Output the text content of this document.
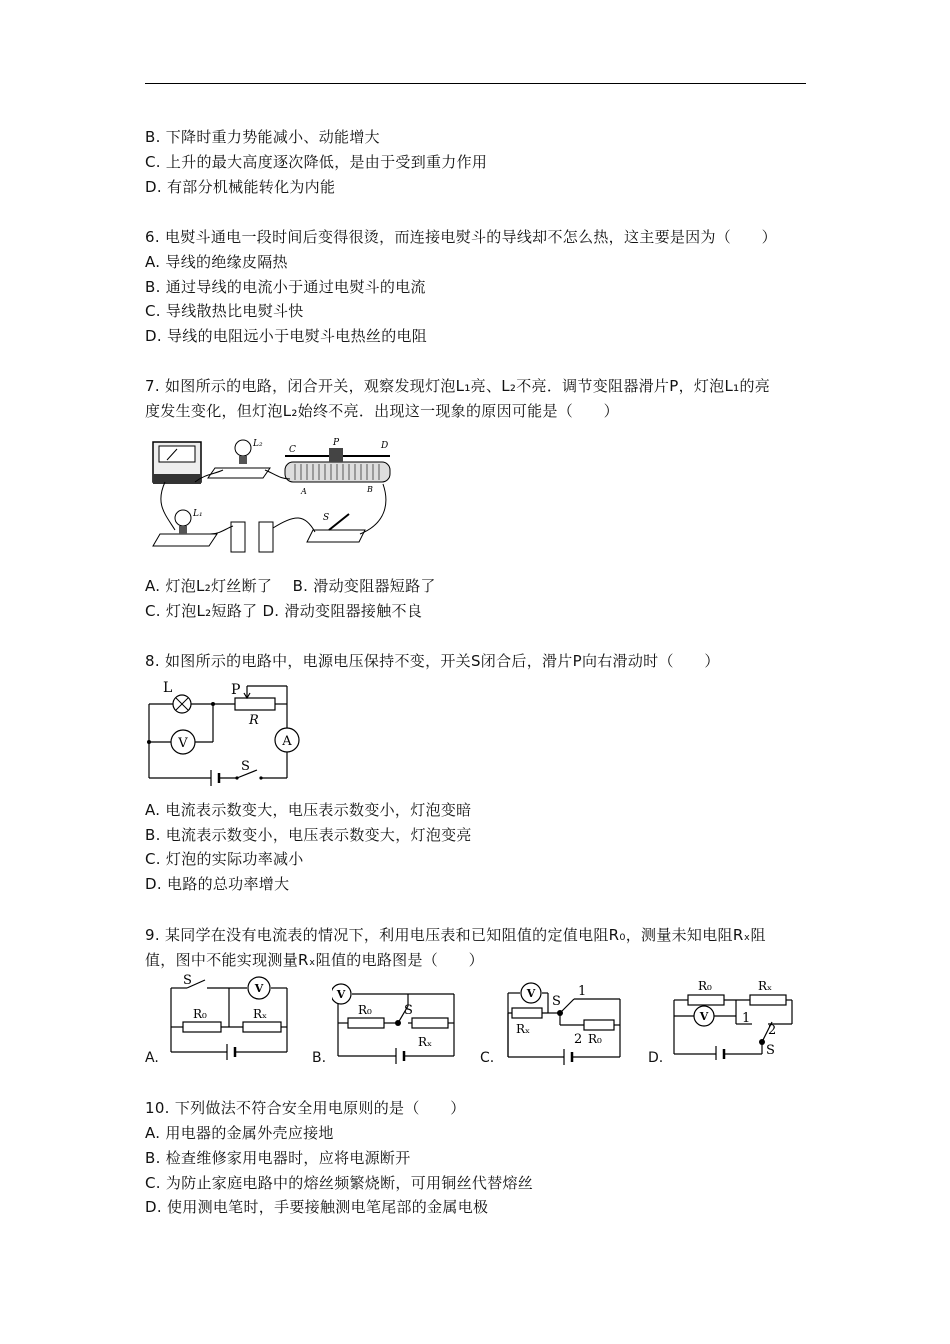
B. 下降时重力势能减小、动能增大
C. 上升的最大高度逐次降低，是由于受到重力作用
D. 有部分机械能转化为内能
6. 电熨斗通电一段时间后变得很烫，而连接电熨斗的导线却不怎么热，这主要是因为（　　）
A. 导线的绝缘皮隔热
B. 通过导线的电流小于通过电熨斗的电流
C. 导线散热比电熨斗快
D. 导线的电阻远小于电熨斗电热丝的电阻
7. 如图所示的电路，闭合开关，观察发现灯泡L₁亮、L₂不亮．调节变阻器滑片P，灯泡L₁的亮
度发生变化，但灯泡L₂始终不亮．出现这一现象的原因可能是（　　）
L₂
C
P	D
A	B
L₁	S
A. 灯泡L₂灯丝断了　 B. 滑动变阻器短路了
C. 灯泡L₂短路了 D. 滑动变阻器接触不良
8. 如图所示的电路中，电源电压保持不变，开关S闭合后，滑片P向右滑动时（　　）
V	A
L	P
R
S
A. 电流表示数变大，电压表示数变小，灯泡变暗
B. 电流表示数变小，电压表示数变大，灯泡变亮
C. 灯泡的实际功率减小
D. 电路的总功率增大
9. 某同学在没有电流表的情况下，利用电压表和已知阻值的定值电阻R₀，测量未知电阻Rₓ阻
值，图中不能实现测量Rₓ阻值的电路图是（　　）
A.
V
S
R₀	Rₓ
B.
V
S
R₀
Rₓ
C.
V
S
1
2
Rₓ
R₀
D.
V
R₀	Rₓ
1
2
S
10. 下列做法不符合安全用电原则的是（　　）
A. 用电器的金属外壳应接地
B. 检查维修家用电器时，应将电源断开
C. 为防止家庭电路中的熔丝频繁烧断，可用铜丝代替熔丝
D. 使用测电笔时，手要接触测电笔尾部的金属电极
